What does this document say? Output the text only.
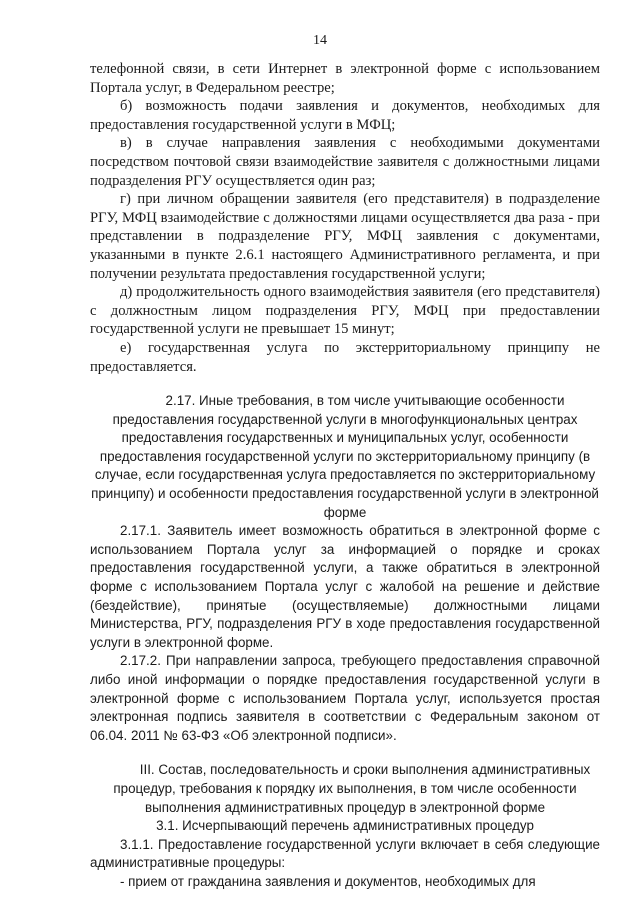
14

телефонной связи, в сети Интернет в электронной форме с использованием Портала услуг, в Федеральном реестре;

б) возможность подачи заявления и документов, необходимых для предоставления государственной услуги в МФЦ;

в) в случае направления заявления с необходимыми документами посредством почтовой связи взаимодействие заявителя с должностными лицами подразделения РГУ осуществляется один раз;

г) при личном обращении заявителя (его представителя) в подразделение РГУ, МФЦ взаимодействие с должностями лицами осуществляется два раза - при представлении в подразделение РГУ, МФЦ заявления с документами, указанными в пункте 2.6.1 настоящего Административного регламента, и при получении результата предоставления государственной услуги;

д) продолжительность одного взаимодействия заявителя (его представителя) с должностным лицом подразделения РГУ, МФЦ при предоставлении государственной услуги не превышает 15 минут;

е) государственная услуга по экстерриториальному принципу не предоставляется.

2.17. Иные требования, в том числе учитывающие особенности предоставления государственной услуги в многофункциональных центрах предоставления государственных и муниципальных услуг, особенности предоставления государственной услуги по экстерриториальному принципу (в случае, если государственная услуга предоставляется по экстерриториальному принципу) и особенности предоставления государственной услуги в электронной форме

2.17.1. Заявитель имеет возможность обратиться в электронной форме с использованием Портала услуг за информацией о порядке и сроках предоставления государственной услуги, а также обратиться в электронной форме с использованием Портала услуг с жалобой на решение и действие (бездействие), принятые (осуществляемые) должностными лицами Министерства, РГУ, подразделения РГУ в ходе предоставления государственной услуги в электронной форме.

2.17.2. При направлении запроса, требующего предоставления справочной либо иной информации о порядке предоставления государственной услуги в электронной форме с использованием Портала услуг, используется простая электронная подпись заявителя в соответствии с Федеральным законом от 06.04. 2011 № 63-ФЗ «Об электронной подписи».

III. Состав, последовательность и сроки выполнения административных процедур, требования к порядку их выполнения, в том числе особенности выполнения административных процедур в электронной форме

3.1. Исчерпывающий перечень административных процедур

3.1.1. Предоставление государственной услуги включает в себя следующие административные процедуры:

- прием от гражданина заявления и документов, необходимых для
